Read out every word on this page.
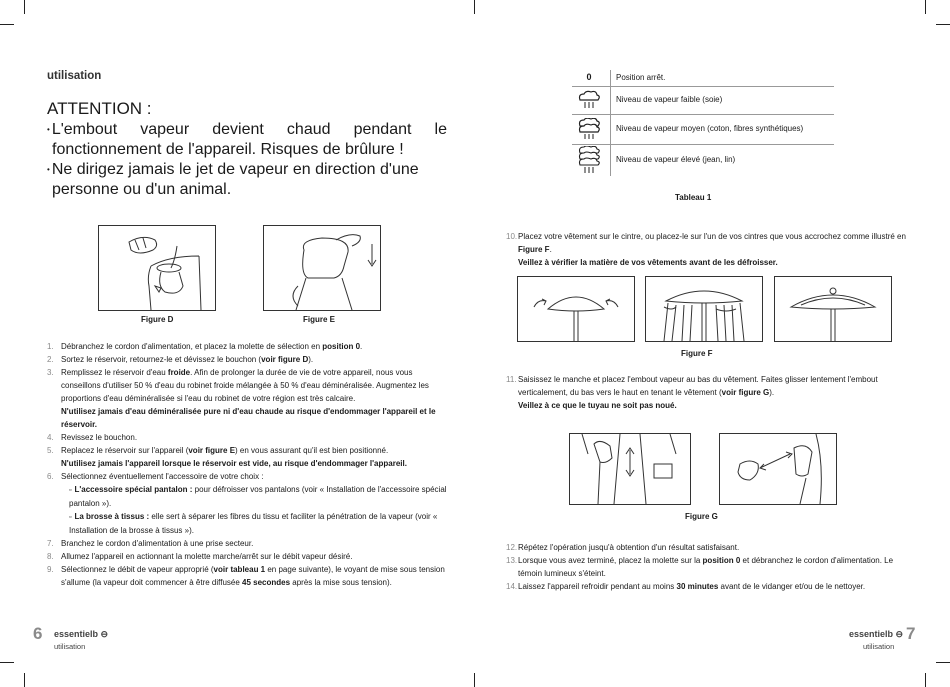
utilisation
ATTENTION :
• L'embout vapeur devient chaud pendant le
fonctionnement de l'appareil. Risques de brûlure !
• Ne dirigez jamais le jet de vapeur en direction d'une
personne ou d'un animal.
Figure D	Figure E
1. Débranchez le cordon d'alimentation, et placez la molette de sélection en position 0.
2. Sortez le réservoir, retournez-le et dévissez le bouchon (voir figure D).
3. Remplissez le réservoir d'eau froide. Afin de prolonger la durée de vie de votre appareil, nous vous conseillons d'utiliser 50 % d'eau du robinet froide mélangée à 50 % d'eau déminéralisée. Augmentez les proportions d'eau déminéralisée si l'eau du robinet de votre région est très calcaire.
N'utilisez jamais d'eau déminéralisée pure ni d'eau chaude au risque d'endommager l'appareil et le réservoir.
4. Revissez le bouchon.
5. Replacez le réservoir sur l'appareil (voir figure E) en vous assurant qu'il est bien positionné.
N'utilisez jamais l'appareil lorsque le réservoir est vide, au risque d'endommager l'appareil.
6. Sélectionnez éventuellement l'accessoire de votre choix :
▫ L'accessoire spécial pantalon : pour défroisser vos pantalons (voir « Installation de l'accessoire spécial pantalon »).
▫ La brosse à tissus : elle sert à séparer les fibres du tissu et faciliter la pénétration de la vapeur (voir « Installation de la brosse à tissus »).
7. Branchez le cordon d'alimentation à une prise secteur.
8. Allumez l'appareil en actionnant la molette marche/arrêt sur le débit vapeur désiré.
9. Sélectionnez le débit de vapeur approprié (voir tableau 1 en page suivante), le voyant de mise sous tension s'allume (la vapeur doit commencer à être diffusée 45 secondes après la mise sous tension).
6 essentielb ⊖
utilisation
0	Position arrêt.
Niveau de vapeur faible (soie)
Niveau de vapeur moyen (coton, fibres synthétiques)
Niveau de vapeur élevé (jean, lin)
Tableau 1
10. Placez votre vêtement sur le cintre, ou placez-le sur l'un de vos cintres que vous accrochez comme illustré en Figure F.
Veillez à vérifier la matière de vos vêtements avant de les défroisser.
Figure F
11. Saisissez le manche et placez l'embout vapeur au bas du vêtement. Faites glisser lentement l'embout verticalement, du bas vers le haut en tenant le vêtement (voir figure G).
Veillez à ce que le tuyau ne soit pas noué.
Figure G
12. Répétez l'opération jusqu'à obtention d'un résultat satisfaisant.
13. Lorsque vous avez terminé, placez la molette sur la position 0 et débranchez le cordon d'alimentation. Le témoin lumineux s'éteint.
14. Laissez l'appareil refroidir pendant au moins 30 minutes avant de le vidanger et/ou de le nettoyer.
essentielb ⊖
utilisation
7
